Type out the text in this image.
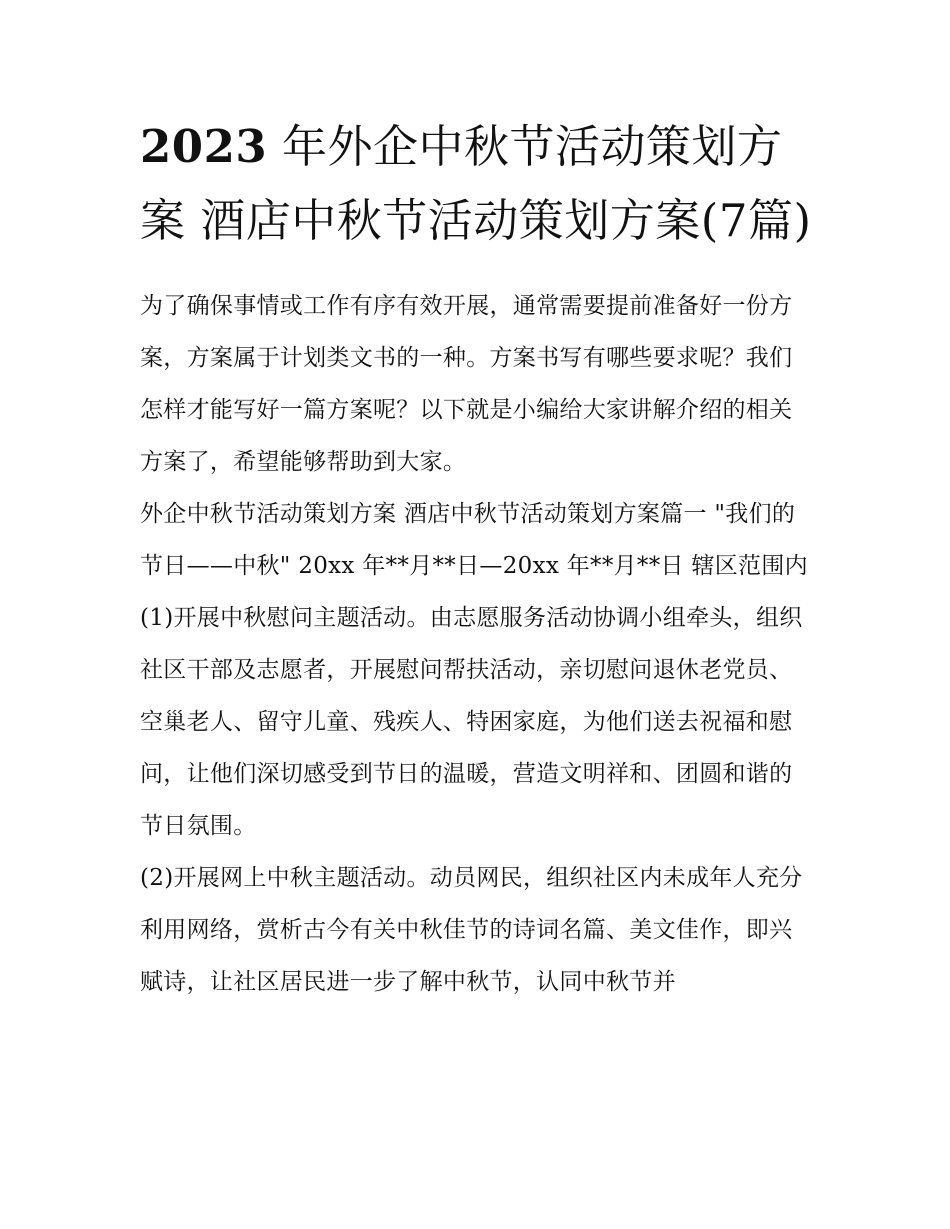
2023 年外企中秋节活动策划方案 酒店中秋节活动策划方案(7篇)

为了确保事情或工作有序有效开展，通常需要提前准备好一份方案，方案属于计划类文书的一种。方案书写有哪些要求呢？我们怎样才能写好一篇方案呢？以下就是小编给大家讲解介绍的相关方案了，希望能够帮助到大家。

外企中秋节活动策划方案 酒店中秋节活动策划方案篇一 "我们的节日——中秋" 20xx 年**月**日—20xx 年**月**日 辖区范围内

(1)开展中秋慰问主题活动。由志愿服务活动协调小组牵头，组织社区干部及志愿者，开展慰问帮扶活动，亲切慰问退休老党员、空巢老人、留守儿童、残疾人、特困家庭，为他们送去祝福和慰问，让他们深切感受到节日的温暖，营造文明祥和、团圆和谐的节日氛围。

(2)开展网上中秋主题活动。动员网民，组织社区内未成年人充分利用网络，赏析古今有关中秋佳节的诗词名篇、美文佳作，即兴赋诗，让社区居民进一步了解中秋节，认同中秋节并
